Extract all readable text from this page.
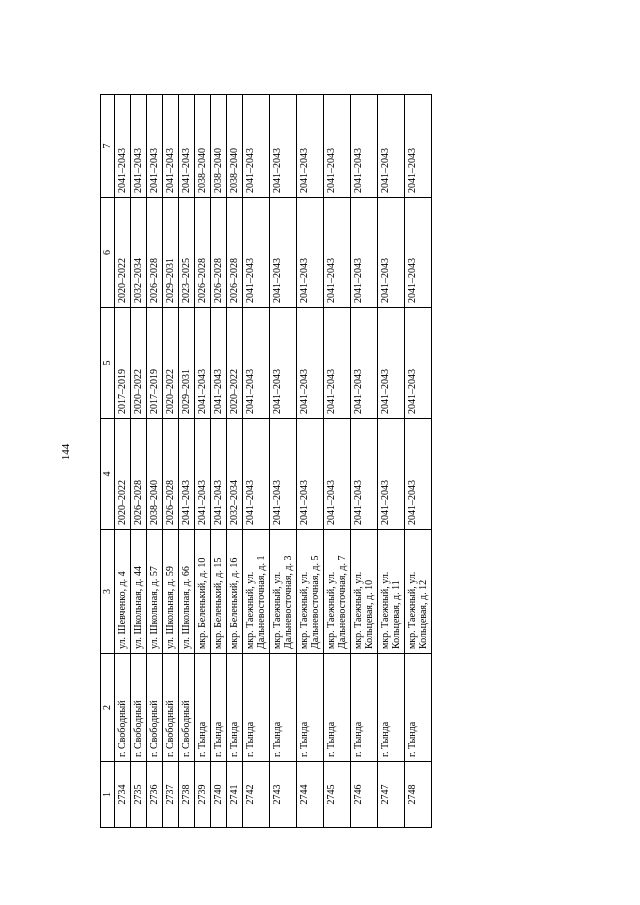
144
1	2	3	4	5	6	7
2734	г. Свободный	ул. Шевченко, д. 4	2020–2022	2017–2019	2020–2022	2041–2043
2735	г. Свободный	ул. Школьная, д. 44	2026–2028	2020–2022	2032–2034	2041–2043
2736	г. Свободный	ул. Школьная, д. 57	2038–2040	2017–2019	2026–2028	2041–2043
2737	г. Свободный	ул. Школьная, д. 59	2026–2028	2020–2022	2029–2031	2041–2043
2738	г. Свободный	ул. Школьная, д. 66	2041–2043	2029–2031	2023–2025	2041–2043
2739	г. Тында	мкр. Беленький, д. 10	2041–2043	2041–2043	2026–2028	2038–2040
2740	г. Тында	мкр. Беленький, д. 15	2041–2043	2041–2043	2026–2028	2038–2040
2741	г. Тында	мкр. Беленький, д. 16	2032–2034	2020–2022	2026–2028	2038–2040
2742	г. Тында	мкр. Таежный, ул. Дальневосточная, д. 1	2041–2043	2041–2043	2041–2043	2041–2043
2743	г. Тында	мкр. Таежный, ул. Дальневосточная, д. 3	2041–2043	2041–2043	2041–2043	2041–2043
2744	г. Тында	мкр. Таежный, ул. Дальневосточная, д. 5	2041–2043	2041–2043	2041–2043	2041–2043
2745	г. Тында	мкр. Таежный, ул. Дальневосточная, д. 7	2041–2043	2041–2043	2041–2043	2041–2043
2746	г. Тында	мкр. Таежный, ул. Кольцевая, д. 10	2041–2043	2041–2043	2041–2043	2041–2043
2747	г. Тында	мкр. Таежный, ул. Кольцевая, д. 11	2041–2043	2041–2043	2041–2043	2041–2043
2748	г. Тында	мкр. Таежный, ул. Кольцевая, д. 12	2041–2043	2041–2043	2041–2043	2041–2043
